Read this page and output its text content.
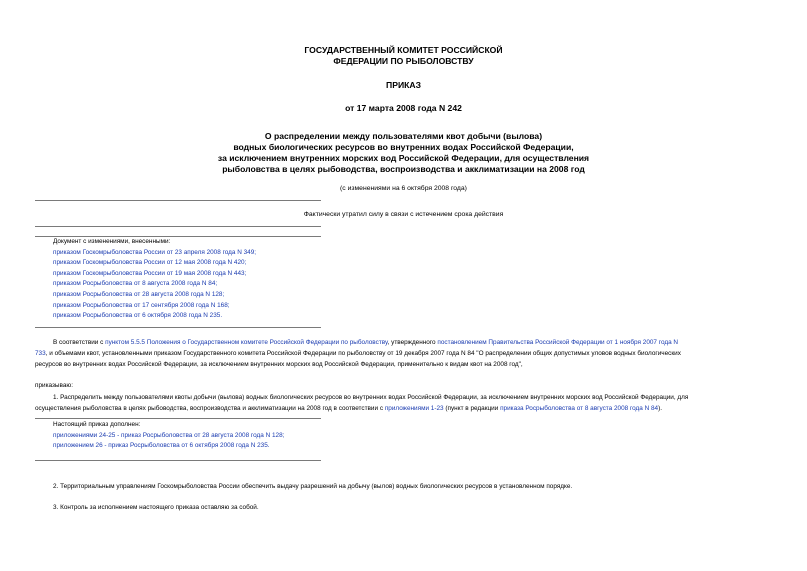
ГОСУДАРСТВЕННЫЙ КОМИТЕТ РОССИЙСКОЙ
ФЕДЕРАЦИИ ПО РЫБОЛОВСТВУ
ПРИКАЗ
от 17 марта 2008 года N 242
О распределении между пользователями квот добычи (вылова)
водных биологических ресурсов во внутренних водах Российской Федерации,
за исключением внутренних морских вод Российской Федерации, для осуществления
рыболовства в целях рыбоводства, воспроизводства и акклиматизации на 2008 год
(с изменениями на 6 октября 2008 года)
Фактически утратил силу в связи с истечением срока действия
Документ с изменениями, внесенными:
приказом Госкомрыболовства России от 23 апреля 2008 года N 349;
приказом Госкомрыболовства России от 12 мая 2008 года N 420;
приказом Госкомрыболовства России от 19 мая 2008 года N 443;
приказом Росрыболовства от 8 августа 2008 года N 84;
приказом Росрыболовства от 28 августа 2008 года N 128;
приказом Росрыболовства от 17 сентября 2008 года N 168;
приказом Росрыболовства от 6 октября 2008 года N 235.
В соответствии с пунктом 5.5.5 Положения о Государственном комитете Российской Федерации по рыболовству, утвержденного постановлением Правительства Российской Федерации от 1 ноября 2007 года N
733, и объемами квот, установленными приказом Государственного комитета Российской Федерации по рыболовству от 19 декабря 2007 года N 84 "О распределении общих допустимых уловов водных биологических
ресурсов во внутренних водах Российской Федерации, за исключением внутренних морских вод Российской Федерации, применительно к видам квот на 2008 год",
приказываю:
1. Распределить между пользователями квоты добычи (вылова) водных биологических ресурсов во внутренних водах Российской Федерации, за исключением внутренних морских вод Российской Федерации, для
осуществления рыболовства в целях рыбоводства, воспроизводства и акклиматизации на 2008 год в соответствии с приложениями 1-23 (пункт в редакции приказа Росрыболовства от 8 августа 2008 года N 84).
Настоящий приказ дополнен:
приложениями 24-25 - приказ Росрыболовства от 28 августа 2008 года N 128;
приложением 26 - приказ Росрыболовства от 6 октября 2008 года N 235.
2. Территориальным управлениям Госкомрыболовства России обеспечить выдачу разрешений на добычу (вылов) водных биологических ресурсов в установленном порядке.
3. Контроль за исполнением настоящего приказа оставляю за собой.
